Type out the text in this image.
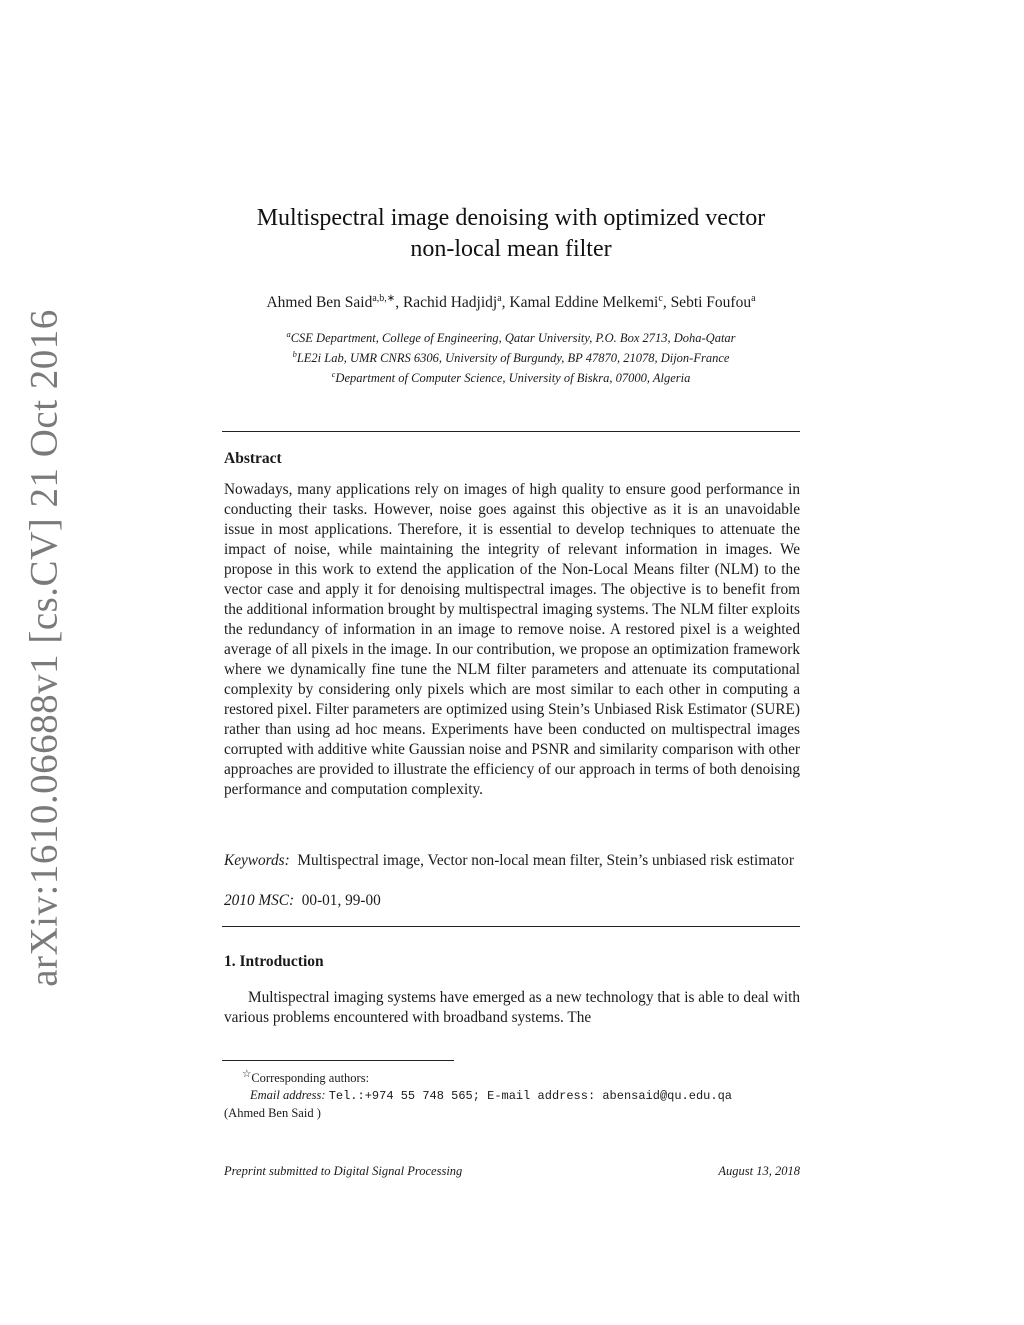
arXiv:1610.06688v1 [cs.CV] 21 Oct 2016
Multispectral image denoising with optimized vector
non-local mean filter
Ahmed Ben Said$^{a,b,∗}$, Rachid Hadjidj$^a$, Kamal Eddine Melkemi$^c$, Sebti Foufou$^a$
$^a$CSE Department, College of Engineering, Qatar University, P.O. Box 2713, Doha-Qatar
$^b$LE2i Lab, UMR CNRS 6306, University of Burgundy, BP 47870, 21078, Dijon-France
$^c$Department of Computer Science, University of Biskra, 07000, Algeria
Abstract
Nowadays, many applications rely on images of high quality to ensure good performance in conducting their tasks. However, noise goes against this objective as it is an unavoidable issue in most applications. Therefore, it is essential to develop techniques to attenuate the impact of noise, while maintaining the integrity of relevant information in images. We propose in this work to extend the application of the Non-Local Means filter (NLM) to the vector case and apply it for denoising multispectral images. The objective is to benefit from the additional information brought by multispectral imaging systems. The NLM filter exploits the redundancy of information in an image to remove noise. A restored pixel is a weighted average of all pixels in the image. In our contribution, we propose an optimization framework where we dynamically fine tune the NLM filter parameters and attenuate its computational complexity by considering only pixels which are most similar to each other in computing a restored pixel. Filter parameters are optimized using Stein’s Unbiased Risk Estimator (SURE) rather than using ad hoc means. Experiments have been conducted on multispectral images corrupted with additive white Gaussian noise and PSNR and similarity comparison with other approaches are provided to illustrate the efficiency of our approach in terms of both denoising performance and computation complexity.
Keywords: Multispectral image, Vector non-local mean filter, Stein’s unbiased risk estimator
2010 MSC: 00-01, 99-00
1. Introduction
Multispectral imaging systems have emerged as a new technology that is able to deal with various problems encountered with broadband systems. The
☆Corresponding authors:
Email address: Tel.:+974 55 748 565; E-mail address: abensaid@qu.edu.qa
(Ahmed Ben Said )
Preprint submitted to Digital Signal Processing	August 13, 2018
